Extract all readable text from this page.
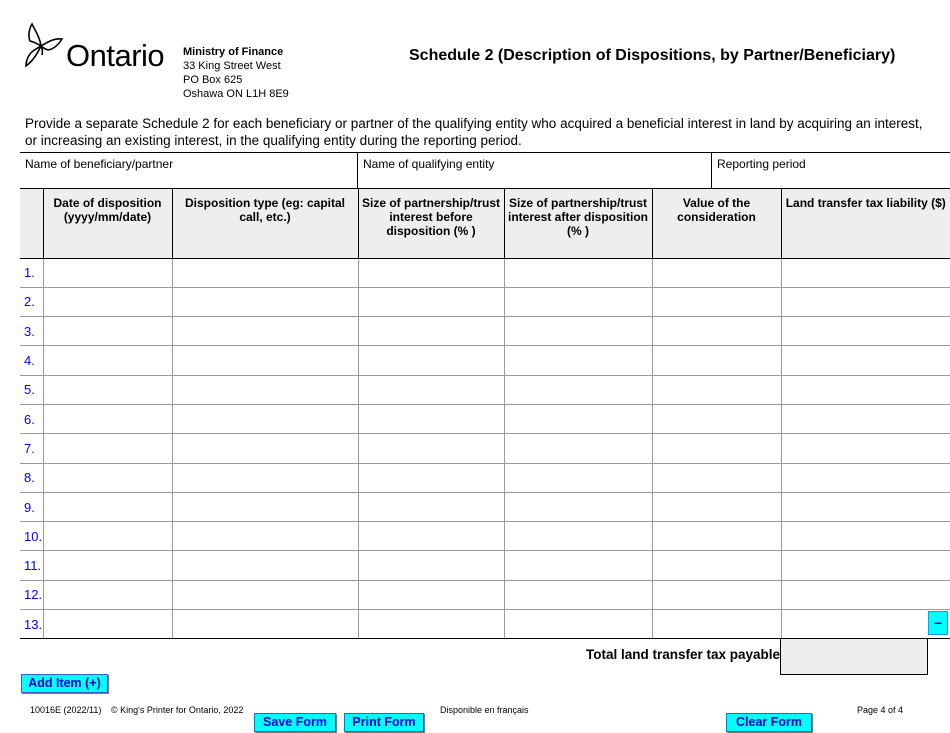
Ontario Ministry of Finance
33 King Street West
PO Box 625
Oshawa ON L1H 8E9
Schedule 2 (Description of Dispositions, by Partner/Beneficiary)
Provide a separate Schedule 2 for each beneficiary or partner of the qualifying entity who acquired a beneficial interest in land by acquiring an interest, or increasing an existing interest, in the qualifying entity during the reporting period.
Name of beneficiary/partner	Name of qualifying entity	Reporting period
	Date of disposition (yyyy/mm/date)	Disposition type (eg: capital call, etc.)	Size of partnership/trust interest before disposition (% )	Size of partnership/trust interest after disposition (% )	Value of the consideration	Land transfer tax liability ($)
1.						
2.						
3.						
4.						
5.						
6.						
7.						
8.						
9.						
10.						
11.						
12.						
13.							–
Total land transfer tax payable
Add Item (+)
Save Form	Print Form	Clear Form
10016E (2022/11) © King's Printer for Ontario, 2022	Disponible en français	Page 4 of 4
